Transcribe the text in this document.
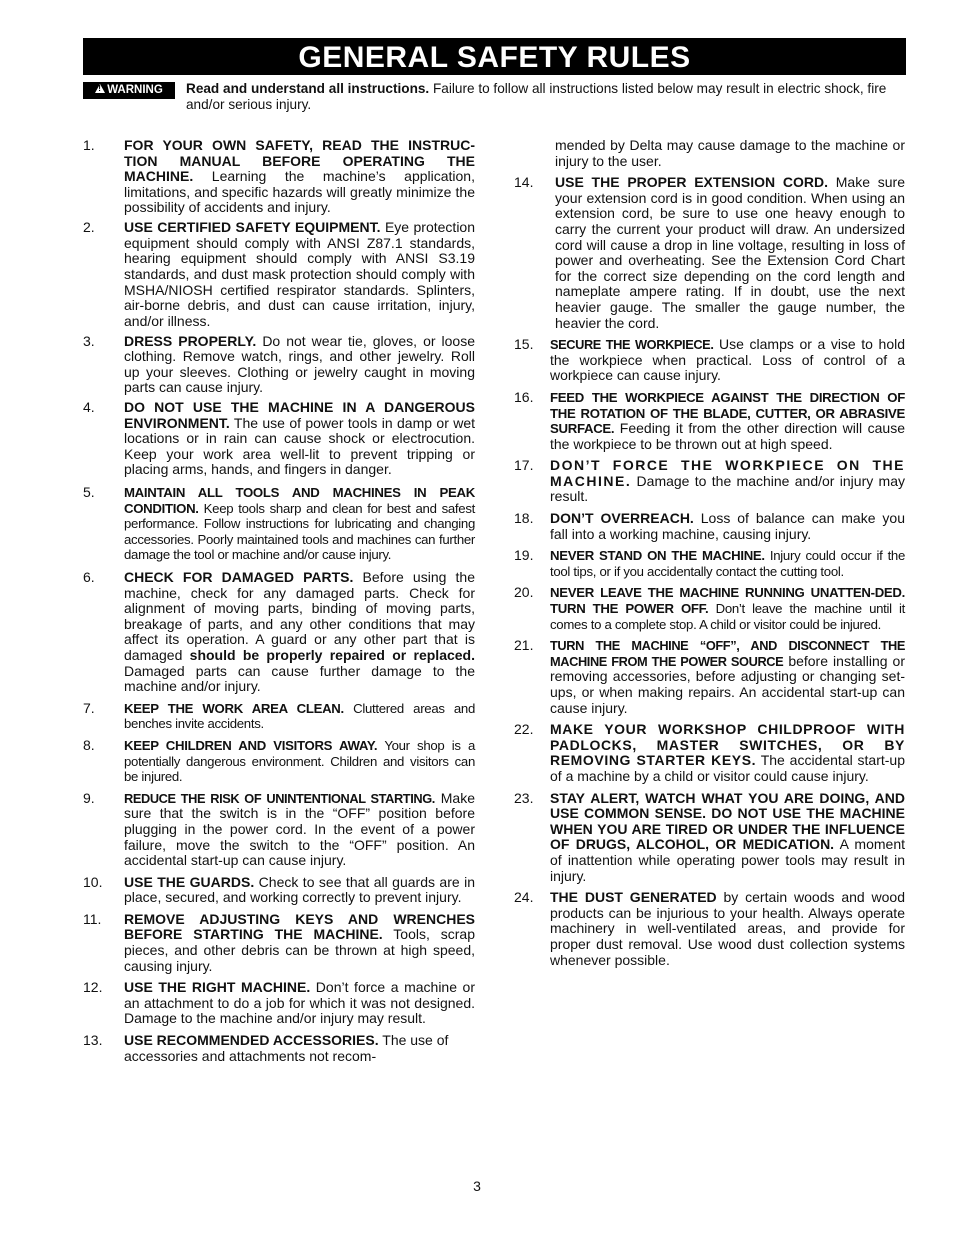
GENERAL SAFETY RULES
!WARNING	Read and understand all instructions. Failure to follow all instructions listed below may result in electric shock, fire and/or serious injury.
1. FOR YOUR OWN SAFETY, READ THE INSTRUC-TION MANUAL BEFORE OPERATING THE MACHINE. Learning the machine’s application, limitations, and specific hazards will greatly minimize the possibility of accidents and injury.
2. USE CERTIFIED SAFETY EQUIPMENT. Eye protection equipment should comply with ANSI Z87.1 standards, hearing equipment should comply with ANSI S3.19 standards, and dust mask protection should comply with MSHA/NIOSH certified respirator standards. Splinters, air-borne debris, and dust can cause irritation, injury, and/or illness.
3. DRESS PROPERLY. Do not wear tie, gloves, or loose clothing. Remove watch, rings, and other jewelry. Roll up your sleeves. Clothing or jewelry caught in moving parts can cause injury.
4. DO NOT USE THE MACHINE IN A DANGEROUS ENVIRONMENT. The use of power tools in damp or wet locations or in rain can cause shock or electrocution. Keep your work area well-lit to prevent tripping or placing arms, hands, and fingers in danger.
5. MAINTAIN ALL TOOLS AND MACHINES IN PEAK CONDITION. Keep tools sharp and clean for best and safest performance. Follow instructions for lubricating and changing accessories. Poorly maintained tools and machines can further damage the tool or machine and/or cause injury.
6. CHECK FOR DAMAGED PARTS. Before using the machine, check for any damaged parts. Check for alignment of moving parts, binding of moving parts, breakage of parts, and any other conditions that may affect its operation. A guard or any other part that is damaged should be properly repaired or replaced. Damaged parts can cause further damage to the machine and/or injury.
7. KEEP THE WORK AREA CLEAN. Cluttered areas and benches invite accidents.
8. KEEP CHILDREN AND VISITORS AWAY. Your shop is a potentially dangerous environment. Children and visitors can be injured.
9. REDUCE THE RISK OF UNINTENTIONAL STARTING. Make sure that the switch is in the “OFF” position before plugging in the power cord. In the event of a power failure, move the switch to the “OFF” position. An accidental start-up can cause injury.
10. USE THE GUARDS. Check to see that all guards are in place, secured, and working correctly to prevent injury.
11. REMOVE ADJUSTING KEYS AND WRENCHES BEFORE STARTING THE MACHINE. Tools, scrap pieces, and other debris can be thrown at high speed, causing injury.
12. USE THE RIGHT MACHINE. Don’t force a machine or an attachment to do a job for which it was not designed. Damage to the machine and/or injury may result.
13. USE RECOMMENDED ACCESSORIES. The use of accessories and attachments not recom-
mended by Delta may cause damage to the machine or injury to the user.
14. USE THE PROPER EXTENSION CORD. Make sure your extension cord is in good condition. When using an extension cord, be sure to use one heavy enough to carry the current your product will draw. An undersized cord will cause a drop in line voltage, resulting in loss of power and overheating. See the Extension Cord Chart for the correct size depending on the cord length and nameplate ampere rating. If in doubt, use the next heavier gauge. The smaller the gauge number, the heavier the cord.
15. SECURE THE WORKPIECE. Use clamps or a vise to hold the workpiece when practical. Loss of control of a workpiece can cause injury.
16. FEED THE WORKPIECE AGAINST THE DIRECTION OF THE ROTATION OF THE BLADE, CUTTER, OR ABRASIVE SURFACE. Feeding it from the other direction will cause the workpiece to be thrown out at high speed.
17. DON’T FORCE THE WORKPIECE ON THE MACHINE. Damage to the machine and/or injury may result.
18. DON’T OVERREACH. Loss of balance can make you fall into a working machine, causing injury.
19. NEVER STAND ON THE MACHINE. Injury could occur if the tool tips, or if you accidentally contact the cutting tool.
20. NEVER LEAVE THE MACHINE RUNNING UNATTEN-DED. TURN THE POWER OFF. Don’t leave the machine until it comes to a complete stop. A child or visitor could be injured.
21. TURN THE MACHINE “OFF”, AND DISCONNECT THE MACHINE FROM THE POWER SOURCE before installing or removing accessories, before adjusting or changing set-ups, or when making repairs. An accidental start-up can cause injury.
22. MAKE YOUR WORKSHOP CHILDPROOF WITH PADLOCKS, MASTER SWITCHES, OR BY REMOVING STARTER KEYS. The accidental start-up of a machine by a child or visitor could cause injury.
23. STAY ALERT, WATCH WHAT YOU ARE DOING, AND USE COMMON SENSE. DO NOT USE THE MACHINE WHEN YOU ARE TIRED OR UNDER THE INFLUENCE OF DRUGS, ALCOHOL, OR MEDICATION. A moment of inattention while operating power tools may result in injury.
24. THE DUST GENERATED by certain woods and wood products can be injurious to your health. Always operate machinery in well-ventilated areas, and provide for proper dust removal. Use wood dust collection systems whenever possible.
3
